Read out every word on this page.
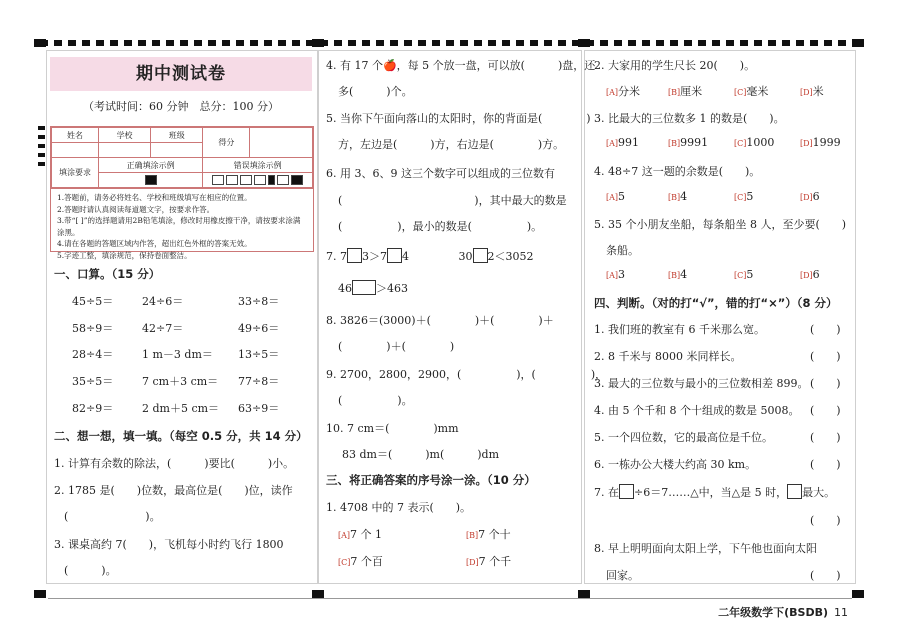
期中测试卷
（考试时间：60 分钟　总分：100 分）
姓名	学校	班级	得分	

填涂要求	正确填涂示例		错误填涂示例	

1.答题前，请务必将姓名、学校和班级填写在相应的位置。
2.答题时请认真阅读每道题文字，按要求作答。
3.带“[ ]”的选择题请用2B铅笔填涂，修改时用橡皮擦干净，请按要求涂满涂黑。
4.请在各题的答题区域内作答，超出红色外框的答案无效。
5.字迹工整，填涂规范，保持卷面整洁。
一、口算。（15 分）
45÷5＝	24÷6＝	33÷8＝
58÷9＝	42÷7＝	49÷6＝
28÷4＝	1 m－3 dm＝ 13÷5＝
35÷5＝	7 cm＋3 cm＝ 77÷8＝
82÷9＝	2 dm＋5 cm＝ 63÷9＝
二、想一想，填一填。（每空 0.5 分，共 14 分）
1. 计算有余数的除法，(　　　)要比(　　　)小。
2. 1785 是(　　)位数，最高位是(　　)位，读作
(　　　　　　　)。
3. 课桌高约 7(　　)，飞机每小时约飞行 1800
(　　　)。
4. 有 17 个🍎，每 5 个放一盘，可以放(　　　)盘，还
多(　　　)个。
5. 当你下午面向落山的太阳时，你的背面是(　　　　)
方，左边是(　　　)方，右边是(　　　　)方。
6. 用 3、6、9 这三个数字可以组成的三位数有
(　　　　　　　　　　　　)，其中最大的数是
(　　　　　)，最小的数是(　　　　　)。
7. 7 3＞7 4	30 2＜3052
46 ＞463
8. 3826＝(3000)＋(　　　　)＋(　　　　)＋
(　　　　)＋(　　　　)
9. 2700，2800，2900，(　　　　　)，(　　　　　)，
(　　　　　)。
10. 7 cm＝(　　　　)mm
83 dm＝(　　　)m(　　　)dm
三、将正确答案的序号涂一涂。（10 分）
1. 4708 中的 7 表示(　　)。
[A]7 个 1	[B]7 个十
[C]7 个百	[D]7 个千
2. 大家用的学生尺长 20(　　)。
[A]分米	[B]厘米	[C]毫米	[D]米
3. 比最大的三位数多 1 的数是(　　)。
[A]991	[B]9991	[C]1000	[D]1999
4. 48÷7 这一题的余数是(　　)。
[A]5	[B]4	[C]5	[D]6
5. 35 个小朋友坐船，每条船坐 8 人，至少要(　　)
条船。
[A]3	[B]4	[C]5	[D]6
四、判断。（对的打“√”，错的打“×”）（8 分）
1. 我们班的教室有 6 千米那么宽。	(　　)
2. 8 千米与 8000 米同样长。	(　　)
3. 最大的三位数与最小的三位数相差 899。 (　　)
4. 由 5 个千和 8 个十组成的数是 5008。 (　　)
5. 一个四位数，它的最高位是千位。	(　　)
6. 一栋办公大楼大约高 30 km。	(　　)
7. 在 ÷6＝7……△中，当△是 5 时， 最大。
(　　)
8. 早上明明面向太阳上学，下午他也面向太阳
回家。	(　　)
二年级数学下(BSDB) 11
